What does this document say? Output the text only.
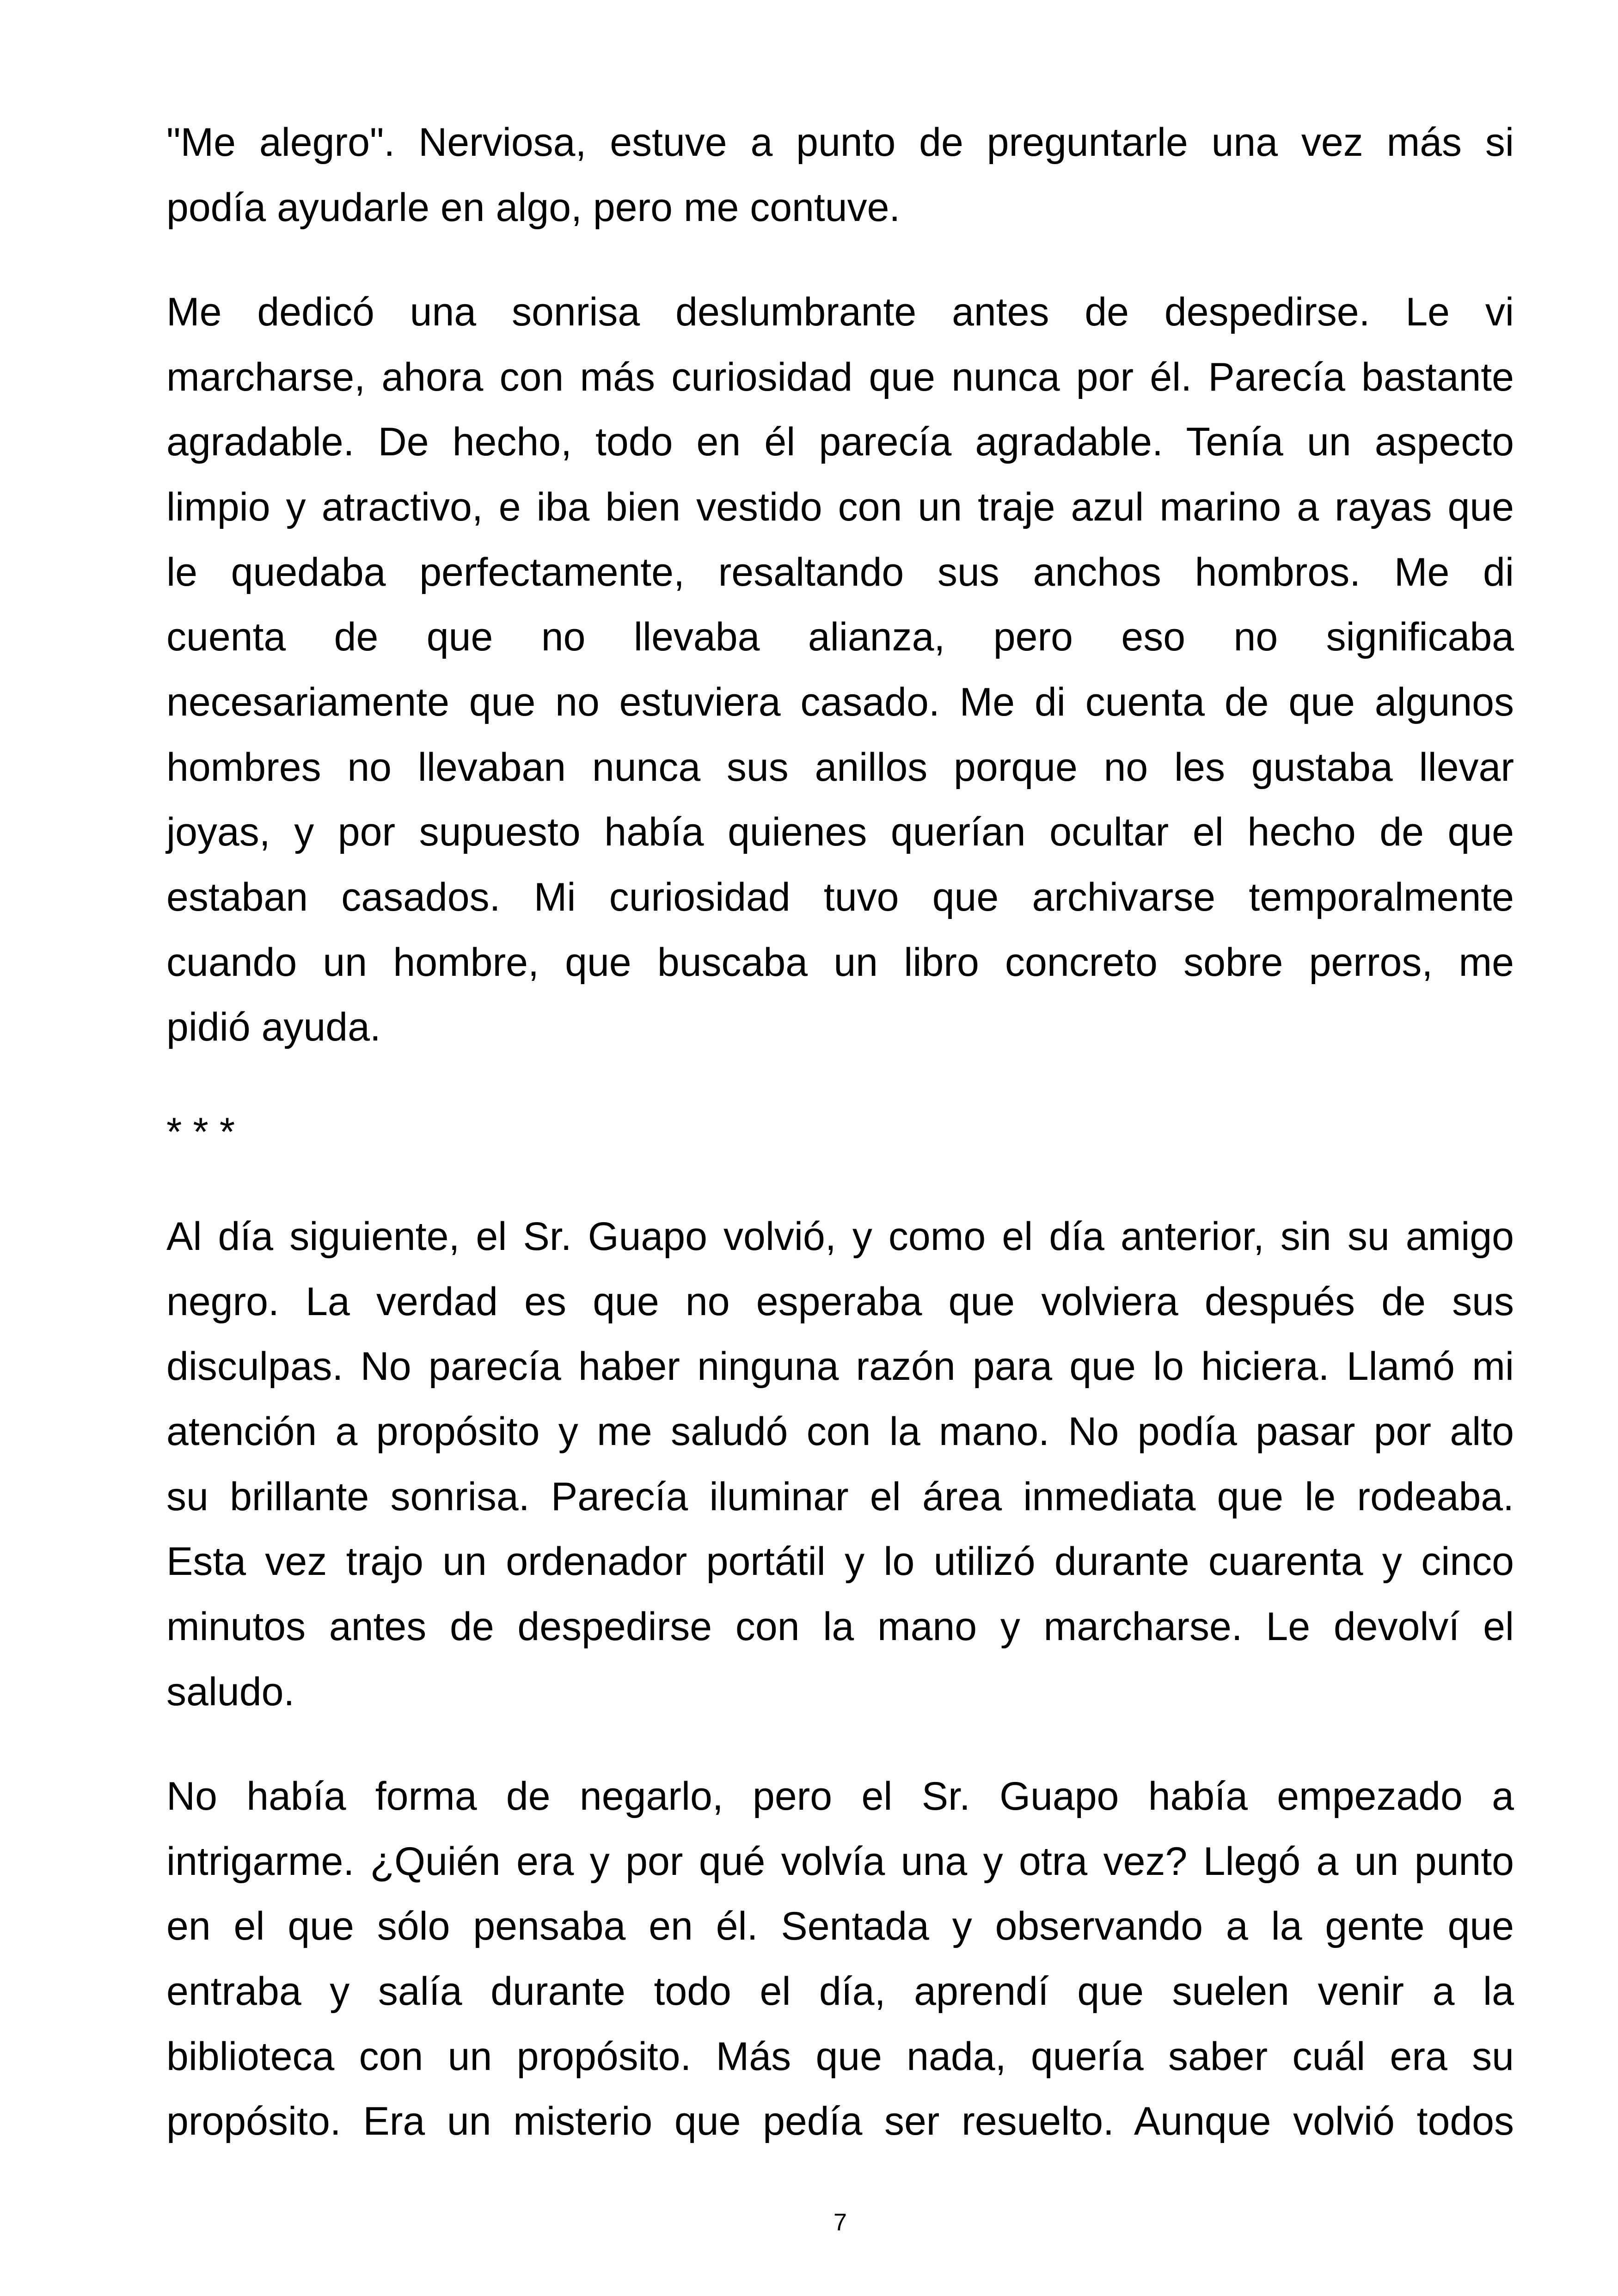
"Me alegro". Nerviosa, estuve a punto de preguntarle una vez más si
podía ayudarle en algo, pero me contuve.
Me dedicó una sonrisa deslumbrante antes de despedirse. Le vi
marcharse, ahora con más curiosidad que nunca por él. Parecía bastante
agradable. De hecho, todo en él parecía agradable. Tenía un aspecto
limpio y atractivo, e iba bien vestido con un traje azul marino a rayas que
le quedaba perfectamente, resaltando sus anchos hombros. Me di
cuenta de que no llevaba alianza, pero eso no significaba
necesariamente que no estuviera casado. Me di cuenta de que algunos
hombres no llevaban nunca sus anillos porque no les gustaba llevar
joyas, y por supuesto había quienes querían ocultar el hecho de que
estaban casados. Mi curiosidad tuvo que archivarse temporalmente
cuando un hombre, que buscaba un libro concreto sobre perros, me
pidió ayuda.
* * *
Al día siguiente, el Sr. Guapo volvió, y como el día anterior, sin su amigo
negro. La verdad es que no esperaba que volviera después de sus
disculpas. No parecía haber ninguna razón para que lo hiciera. Llamó mi
atención a propósito y me saludó con la mano. No podía pasar por alto
su brillante sonrisa. Parecía iluminar el área inmediata que le rodeaba.
Esta vez trajo un ordenador portátil y lo utilizó durante cuarenta y cinco
minutos antes de despedirse con la mano y marcharse. Le devolví el
saludo.
No había forma de negarlo, pero el Sr. Guapo había empezado a
intrigarme. ¿Quién era y por qué volvía una y otra vez? Llegó a un punto
en el que sólo pensaba en él. Sentada y observando a la gente que
entraba y salía durante todo el día, aprendí que suelen venir a la
biblioteca con un propósito. Más que nada, quería saber cuál era su
propósito. Era un misterio que pedía ser resuelto. Aunque volvió todos
7
